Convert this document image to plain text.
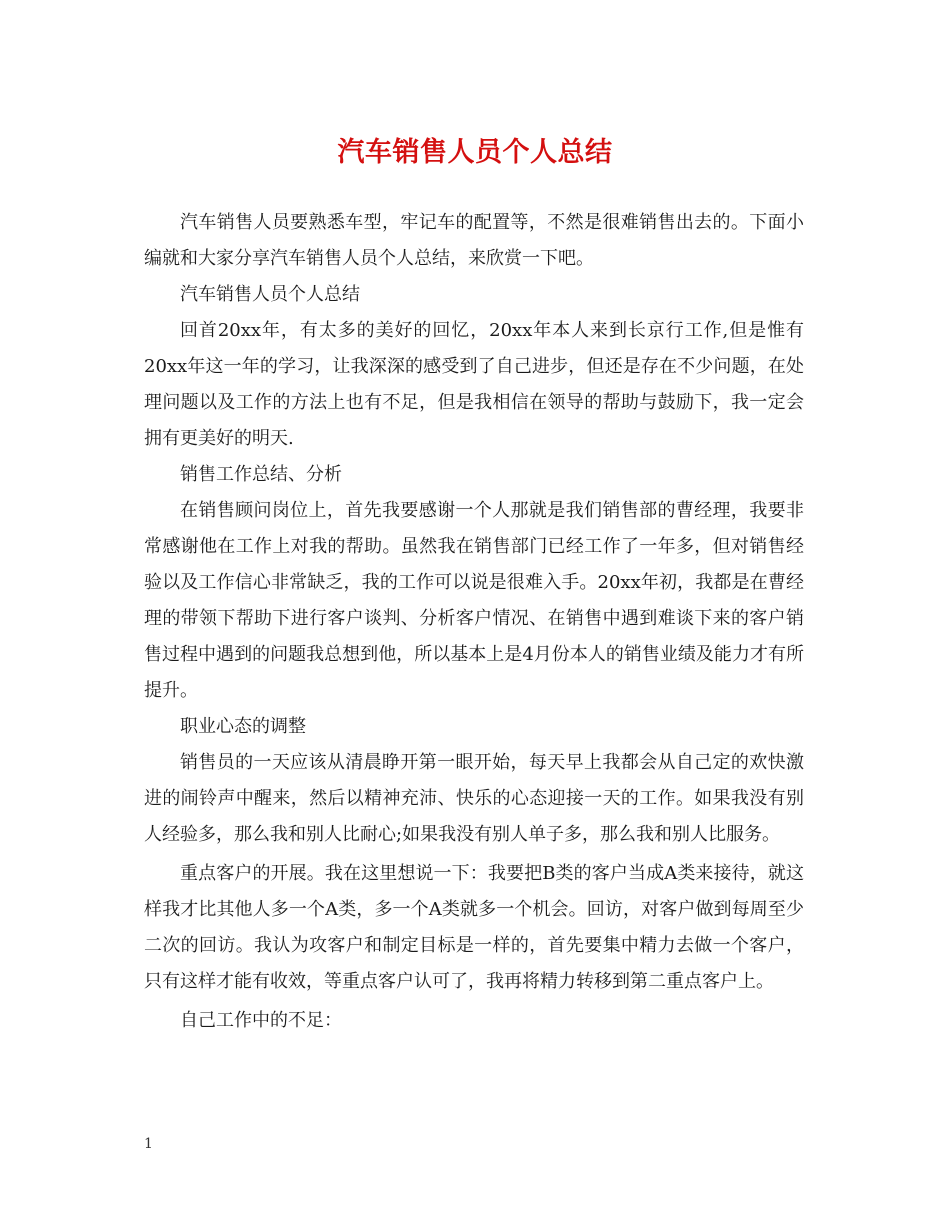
汽车销售人员个人总结

汽车销售人员要熟悉车型，牢记车的配置等，不然是很难销售出去的。下面小编就和大家分享汽车销售人员个人总结，来欣赏一下吧。

汽车销售人员个人总结

回首20xx年，有太多的美好的回忆，20xx年本人来到长京行工作,但是惟有20xx年这一年的学习，让我深深的感受到了自己进步，但还是存在不少问题，在处理问题以及工作的方法上也有不足，但是我相信在领导的帮助与鼓励下，我一定会拥有更美好的明天.

销售工作总结、分析

在销售顾问岗位上，首先我要感谢一个人那就是我们销售部的曹经理，我要非常感谢他在工作上对我的帮助。虽然我在销售部门已经工作了一年多，但对销售经验以及工作信心非常缺乏，我的工作可以说是很难入手。20xx年初，我都是在曹经理的带领下帮助下进行客户谈判、分析客户情况、在销售中遇到难谈下来的客户销售过程中遇到的问题我总想到他，所以基本上是4月份本人的销售业绩及能力才有所提升。

职业心态的调整

销售员的一天应该从清晨睁开第一眼开始，每天早上我都会从自己定的欢快激进的闹铃声中醒来，然后以精神充沛、快乐的心态迎接一天的工作。如果我没有别人经验多，那么我和别人比耐心;如果我没有别人单子多，那么我和别人比服务。

重点客户的开展。我在这里想说一下：我要把B类的客户当成A类来接待，就这样我才比其他人多一个A类，多一个A类就多一个机会。回访，对客户做到每周至少二次的回访。我认为攻客户和制定目标是一样的，首先要集中精力去做一个客户，只有这样才能有收效，等重点客户认可了，我再将精力转移到第二重点客户上。

自己工作中的不足：

1
